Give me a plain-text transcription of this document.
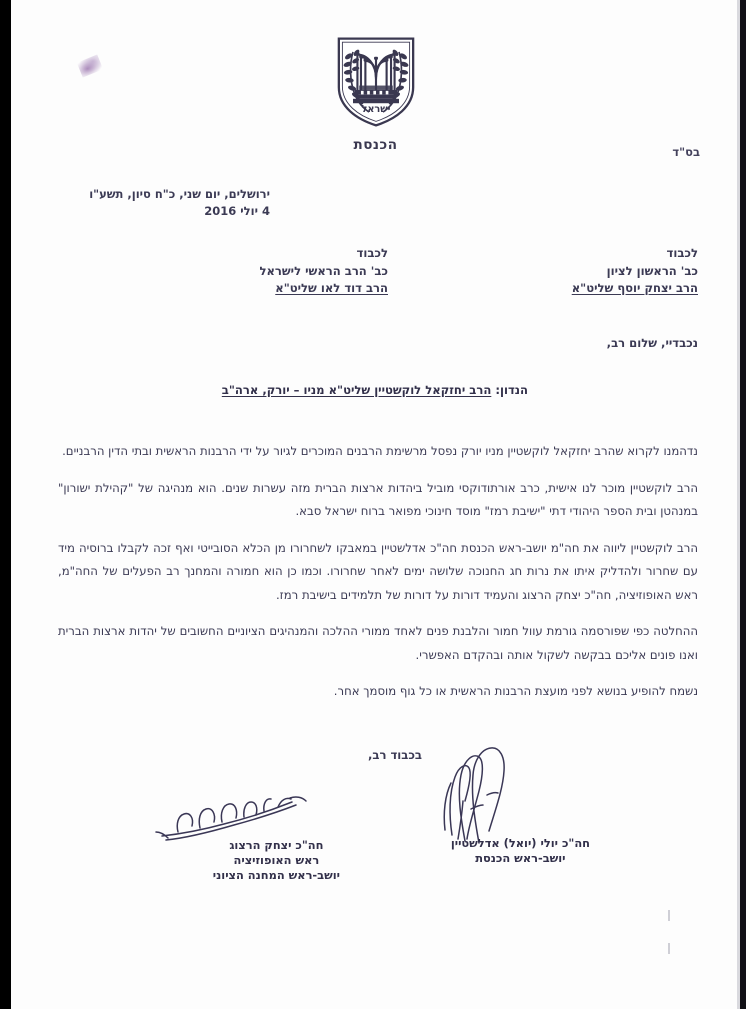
ישראל
הכנסת	בס"ד
ירושלים, יום שני, כ"ח סיון, תשע"ו
4 יולי 2016
לכבוד
כב' הראשון לציון
הרב יצחק יוסף שליט"א
לכבוד
כב' הרב הראשי לישראל
הרב דוד לאו שליט"א
נכבדיי, שלום רב,
הנדון: הרב יחזקאל לוקשטיין שליט"א מניו – יורק, ארה"ב

נדהמנו לקרוא שהרב יחזקאל לוקשטיין מניו יורק נפסל מרשימת הרבנים המוכרים לגיור על ידי הרבנות הראשית ובתי הדין הרבניים.

הרב לוקשטיין מוכר לנו אישית, כרב אורתודוקסי מוביל ביהדות ארצות הברית מזה עשרות שנים. הוא מנהיגה של "קהילת ישורון" במנהטן ובית הספר היהודי דתי "ישיבת רמז" מוסד חינוכי מפואר ברוח ישראל סבא.

הרב לוקשטיין ליווה את חה"מ יושב-ראש הכנסת חה"כ אדלשטיין במאבקו לשחרורו מן הכלא הסובייטי ואף זכה לקבלו ברוסיה מיד עם שחרור ולהדליק איתו את נרות חג החנוכה שלושה ימים לאחר שחרורו. וכמו כן הוא חמורה והמחנך רב הפעלים של החה"מ, ראש האופוזיציה, חה"כ יצחק הרצוג והעמיד דורות על דורות של תלמידים בישיבת רמז.

ההחלטה כפי שפורסמה גורמת עוול חמור והלבנת פנים לאחד ממורי ההלכה והמנהיגים הציוניים החשובים של יהדות ארצות הברית ואנו פונים אליכם בבקשה לשקול אותה ובהקדם האפשרי.

נשמח להופיע בנושא לפני מועצת הרבנות הראשית או כל גוף מוסמך אחר.

בכבוד רב,
חה"כ יולי (יואל) אדלשטיין
יושב-ראש הכנסת
חה"כ יצחק הרצוג
ראש האופוזיציה
יושב-ראש המחנה הציוני
